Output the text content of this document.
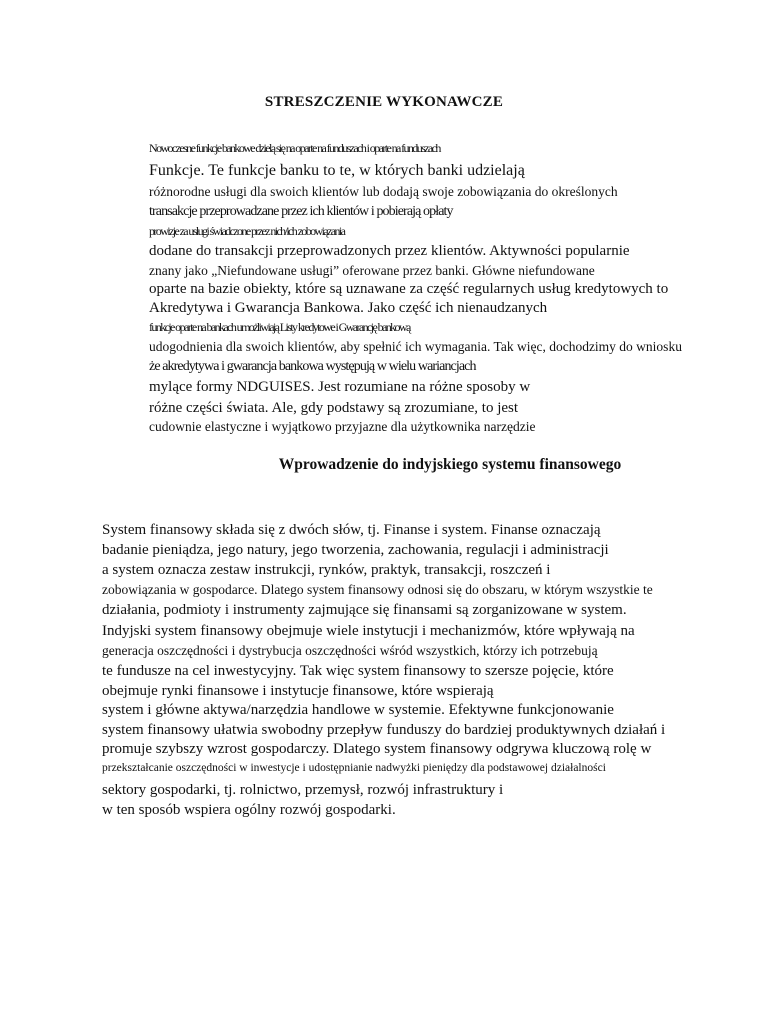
STRESZCZENIE WYKONAWCZE
Nowoczesne funkcje bankowe dzielą się na oparte na funduszach i oparte na funduszach
Funkcje. Te funkcje banku to te, w których banki udzielają
różnorodne usługi dla swoich klientów lub dodają swoje zobowiązania do określonych
transakcje przeprowadzane przez ich klientów i pobierają opłaty
prowizje za usługi świadczone przez nich/ich zobowiązania
dodane do transakcji przeprowadzonych przez klientów. Aktywności popularnie
znany jako „Niefundowane usługi” oferowane przez banki. Główne niefundowane
oparte na bazie obiekty, które są uznawane za część regularnych usług kredytowych to
Akredytywa i Gwarancja Bankowa. Jako część ich nienaudzanych
funkcje oparte na bankach umożliwiają Listy kredytowe i Gwarancję bankową
udogodnienia dla swoich klientów, aby spełnić ich wymagania. Tak więc, dochodzimy do wniosku
że akredytywa i gwarancja bankowa występują w wielu wariancjach
mylące formy NDGUISES. Jest rozumiane na różne sposoby w
różne części świata. Ale, gdy podstawy są zrozumiane, to jest
cudownie elastyczne i wyjątkowo przyjazne dla użytkownika narzędzie
Wprowadzenie do indyjskiego systemu finansowego
System finansowy składa się z dwóch słów, tj. Finanse i system. Finanse oznaczają
badanie pieniądza, jego natury, jego tworzenia, zachowania, regulacji i administracji
a system oznacza zestaw instrukcji, rynków, praktyk, transakcji, roszczeń i
zobowiązania w gospodarce. Dlatego system finansowy odnosi się do obszaru, w którym wszystkie te
działania, podmioty i instrumenty zajmujące się finansami są zorganizowane w system.
Indyjski system finansowy obejmuje wiele instytucji i mechanizmów, które wpływają na
generacja oszczędności i dystrybucja oszczędności wśród wszystkich, którzy ich potrzebują
te fundusze na cel inwestycyjny. Tak więc system finansowy to szersze pojęcie, które
obejmuje rynki finansowe i instytucje finansowe, które wspierają
system i główne aktywa/narzędzia handlowe w systemie. Efektywne funkcjonowanie
system finansowy ułatwia swobodny przepływ funduszy do bardziej produktywnych działań i
promuje szybszy wzrost gospodarczy. Dlatego system finansowy odgrywa kluczową rolę w
przekształcanie oszczędności w inwestycje i udostępnianie nadwyżki pieniędzy dla podstawowej działalności
sektory gospodarki, tj. rolnictwo, przemysł, rozwój infrastruktury i
w ten sposób wspiera ogólny rozwój gospodarki.
